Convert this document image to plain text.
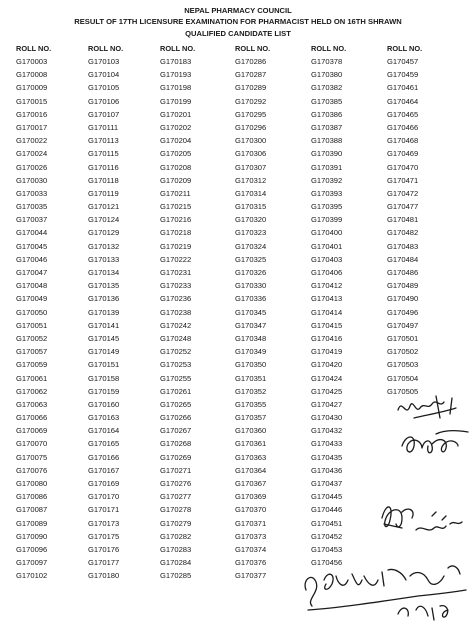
NEPAL PHARMACY COUNCIL
RESULT OF 17TH LICENSURE EXAMINATION FOR PHARMACIST HELD ON 16TH SHRAWN
QUALIFIED CANDIDATE LIST
ROLL NO.
G170003
G170008
G170009
G170015
G170016
G170017
G170022
G170024
G170026
G170030
G170033
G170035
G170037
G170044
G170045
G170046
G170047
G170048
G170049
G170050
G170051
G170052
G170057
G170059
G170061
G170062
G170063
G170066
G170069
G170070
G170075
G170076
G170080
G170086
G170087
G170089
G170090
G170096
G170097
G170102
ROLL NO.
G170103
G170104
G170105
G170106
G170107
G170111
G170113
G170115
G170116
G170118
G170119
G170121
G170124
G170129
G170132
G170133
G170134
G170135
G170136
G170139
G170141
G170145
G170149
G170151
G170158
G170159
G170160
G170163
G170164
G170165
G170166
G170167
G170169
G170170
G170171
G170173
G170175
G170176
G170177
G170180
ROLL NO.
G170183
G170193
G170198
G170199
G170201
G170202
G170204
G170205
G170208
G170209
G170211
G170215
G170216
G170218
G170219
G170222
G170231
G170233
G170236
G170238
G170242
G170248
G170252
G170253
G170255
G170261
G170265
G170266
G170267
G170268
G170269
G170271
G170276
G170277
G170278
G170279
G170282
G170283
G170284
G170285
ROLL NO.
G170286
G170287
G170289
G170292
G170295
G170296
G170300
G170306
G170307
G170312
G170314
G170315
G170320
G170323
G170324
G170325
G170326
G170330
G170336
G170345
G170347
G170348
G170349
G170350
G170351
G170352
G170355
G170357
G170360
G170361
G170363
G170364
G170367
G170369
G170370
G170371
G170373
G170374
G170376
G170377
ROLL NO.
G170378
G170380
G170382
G170385
G170386
G170387
G170388
G170390
G170391
G170392
G170393
G170395
G170399
G170400
G170401
G170403
G170406
G170412
G170413
G170414
G170415
G170416
G170419
G170420
G170424
G170425
G170427
G170430
G170432
G170433
G170435
G170436
G170437
G170445
G170446
G170451
G170452
G170453
G170456
ROLL NO.
G170457
G170459
G170461
G170464
G170465
G170466
G170468
G170469
G170470
G170471
G170472
G170477
G170481
G170482
G170483
G170484
G170486
G170489
G170490
G170496
G170497
G170501
G170502
G170503
G170504
G170505
